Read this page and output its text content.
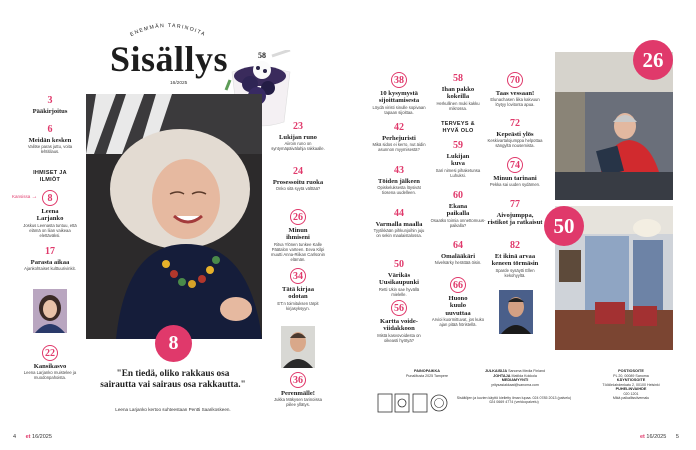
ENEMMÄN TARINOITA
Sisällys
16/2025
58
3
Pääkirjoitus
6
Meidän kesken
Valitse paras juttu, voita lehtitilaus.
IHMISET JA ILMIÖT
Kansissa → 8
Leena Larjanko
Joskus Leenasta tuntuu, että elämä on liian vaikeaa elettäväksi.
17
Parasta aikaa
Ajankohtaiset kulttuurivinkit.
22
Kansikasvo
Leena Larjanko muistelee ja muodonpahoista.
8
"En tiedä, oliko rakkaus osa sairautta vai sairaus osa rakkautta."
Leena Larjanko kertoo suhteestaan Pentti Saarikoskeen.
23
Lukijan runo
Aiiroin runo on syntymäpäivälahja rakkaalle.
24
Prosessoitu ruoka
Onko sitä syytä välttää?
26
Minun ihmiseni
Ritva Ylönen tunkee Kalle Päätalon varteen. Eeva Kilpi muutti Anna-Riikan Carlsonin elämän.
34
Tätä kirjaa odotan
ET:n toimituksen tärpit kirjasyksyyn.
36
Perenmälle!
Jukka Mäkysen tarinoissa piilee yllätys.
38
10 kysymystä sijoittamisesta
Löydä viristi sinulle sopivaan tapaan sijoittaa.
42
Perhejuristi
Mikä sidos ei kerro, nut äidin asunnon myymisestä?
43
Töiden jälkeen
Opiskeluksesta löysivät tiosena uudelleen.
44
Varmalla maalla
Tyytikkään pihkunjoihin juju on sekin maalaistalossa.
50
Värikäs Uusikaupunki
Retti Ukin sae hyvällä mielelle.
56
Kartta voideviidakkoon
Mistä kasvovoidesta on oikeasti hyötyä?
58
Ihan pakko kokeilla
Herkullinen muki kakku mikrossa.
TERVEYS & HYVÄ OLO
59
Lukijan kuva
Sari nimesi pihaketunsa Luhuksi.
60
Ekana paikalla
Osaatko toimia onnettomuuspaikalla?
64
Omalääkäri
Nivelsärky herättää öisin.
66
Huono kuulo uuvuttaa
Arvioi kuormittuvat, jos kuko ajan pitää höristellä.
70
Taas vessaan!
Elunachasen liika kakvuun löytyy lovitonta apua.
72
Kepeästi ylös
Keskivartalojumppa helpottaa sängyltä nousemista.
74
Minun tarinani
Pekka sai uuden sydämen.
77
Aivojumppa, ristikot ja ratkaisut
82
Et ikinä arvaa keneen törmäsin
Sparde sysäytti Ellen kekohyyltä.
26
50
PAINOPAIKKA
PunaMusta 2025 Tampere
JULKAISIJA Sanoma Media Finland
JOHTAJA Matilda Kokkola
MEDIAMYYNTI
yritysasiakkaat@sanoma.com
Sisältöjen ja kuvien käyttö kielletty ilman lupaa. 024 0785 2013 (palvelu) 024 0669 4774 (verkkopalvelu)
POSTIOSOITE
PL 20, 00089 Sanoma
KÄYNTIOSOITE
Töölönlahdenkatu 2, 00100 Helsinki
PUHELINVAIHDE
020 1201
Mikä paikallissiivemalu
4 et 16/2025	et 16/2025 5
